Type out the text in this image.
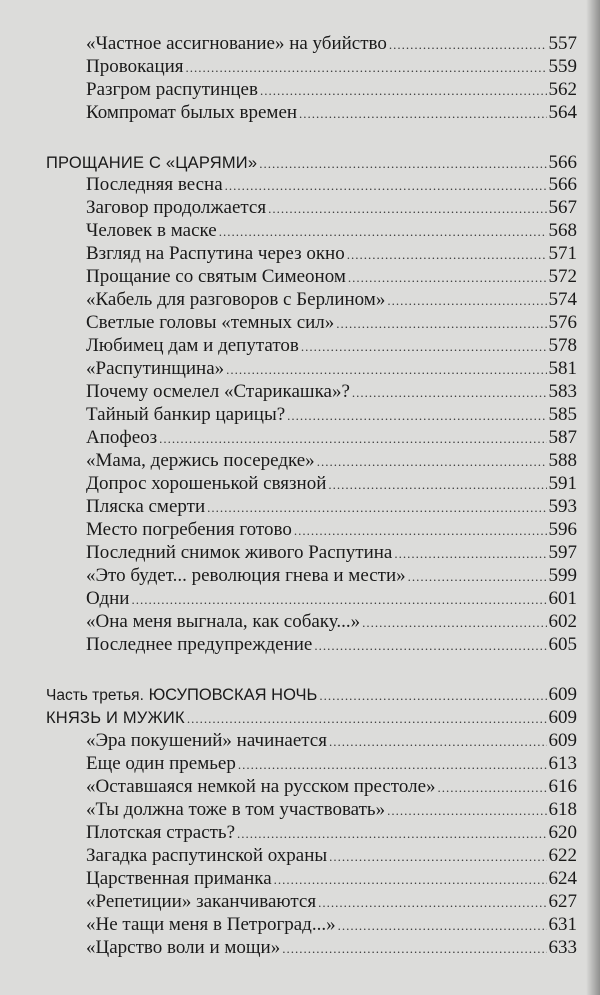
«Частное ассигнование» на убийство .....	557
Провокация .....	559
Разгром распутинцев .....	562
Компромат былых времен .....	564
ПРОЩАНИЕ С «ЦАРЯМИ» .....	566
Последняя весна .....	566
Заговор продолжается .....	567
Человек в маске .....	568
Взгляд на Распутина через окно .....	571
Прощание со святым Симеоном .....	572
«Кабель для разговоров с Берлином» .....	574
Светлые головы «темных сил» .....	576
Любимец дам и депутатов .....	578
«Распутинщина» .....	581
Почему осмелел «Старикашка»? .....	583
Тайный банкир царицы? .....	585
Апофеоз .....	587
«Мама, держись посередке» .....	588
Допрос хорошенькой связной .....	591
Пляска смерти .....	593
Место погребения готово .....	596
Последний снимок живого Распутина .....	597
«Это будет... революция гнева и мести» .....	599
Одни .....	601
«Она меня выгнала, как собаку...» .....	602
Последнее предупреждение .....	605
Часть третья. ЮСУПОВСКАЯ НОЧЬ .....	609
КНЯЗЬ И МУЖИК .....	609
«Эра покушений» начинается .....	609
Еще один премьер .....	613
«Оставшаяся немкой на русском престоле» .....	616
«Ты должна тоже в том участвовать» .....	618
Плотская страсть? .....	620
Загадка распутинской охраны .....	622
Царственная приманка .....	624
«Репетиции» заканчиваются .....	627
«Не тащи меня в Петроград...» .....	631
«Царство воли и мощи» .....	633
